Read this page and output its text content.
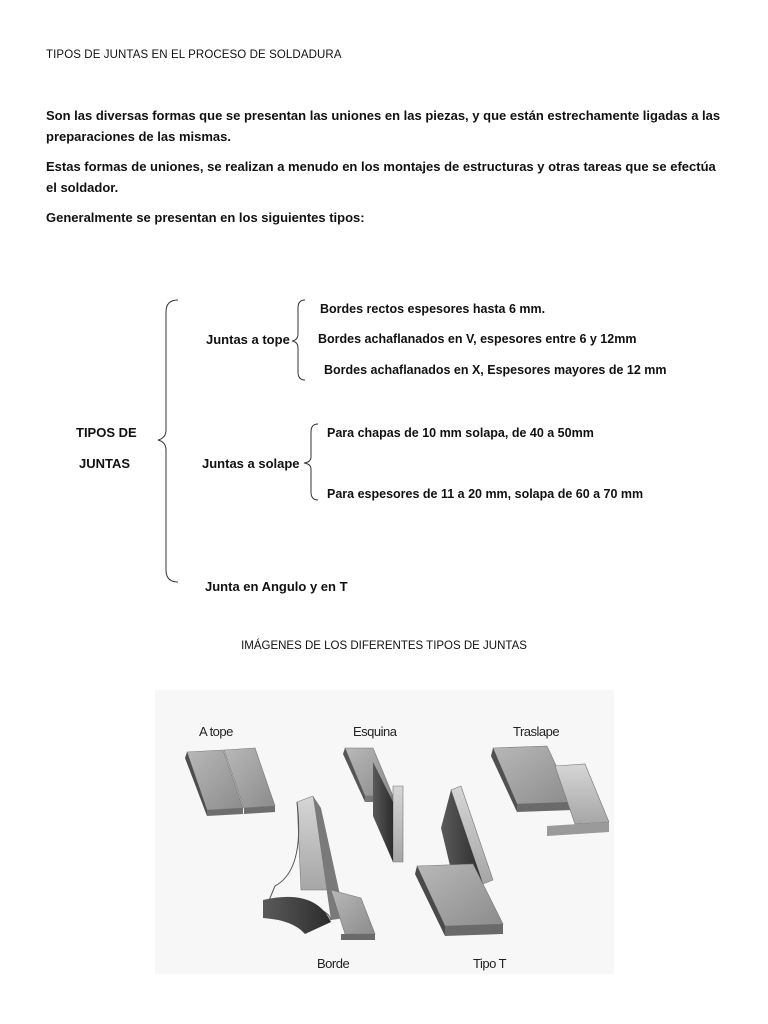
TIPOS DE JUNTAS EN EL PROCESO DE SOLDADURA
Son las diversas formas que se presentan las uniones en las piezas, y que están estrechamente ligadas a las preparaciones de las mismas.
Estas formas de uniones, se realizan a menudo en los montajes de estructuras y otras tareas que se efectúa el soldador.
Generalmente se presentan en los siguientes tipos:
TIPOS DE
JUNTAS
Juntas a tope
Bordes rectos espesores hasta 6 mm.
Bordes achaflanados en V, espesores entre 6 y 12mm
Bordes achaflanados en X, Espesores mayores de 12 mm
Juntas a solape
Para chapas de 10 mm solapa, de 40 a 50mm
Para espesores de 11 a 20 mm, solapa de 60 a 70 mm
Junta en Angulo y en T
IMÁGENES DE LOS DIFERENTES TIPOS DE JUNTAS
A tope	Esquina	Traslape
Borde	Tipo T
